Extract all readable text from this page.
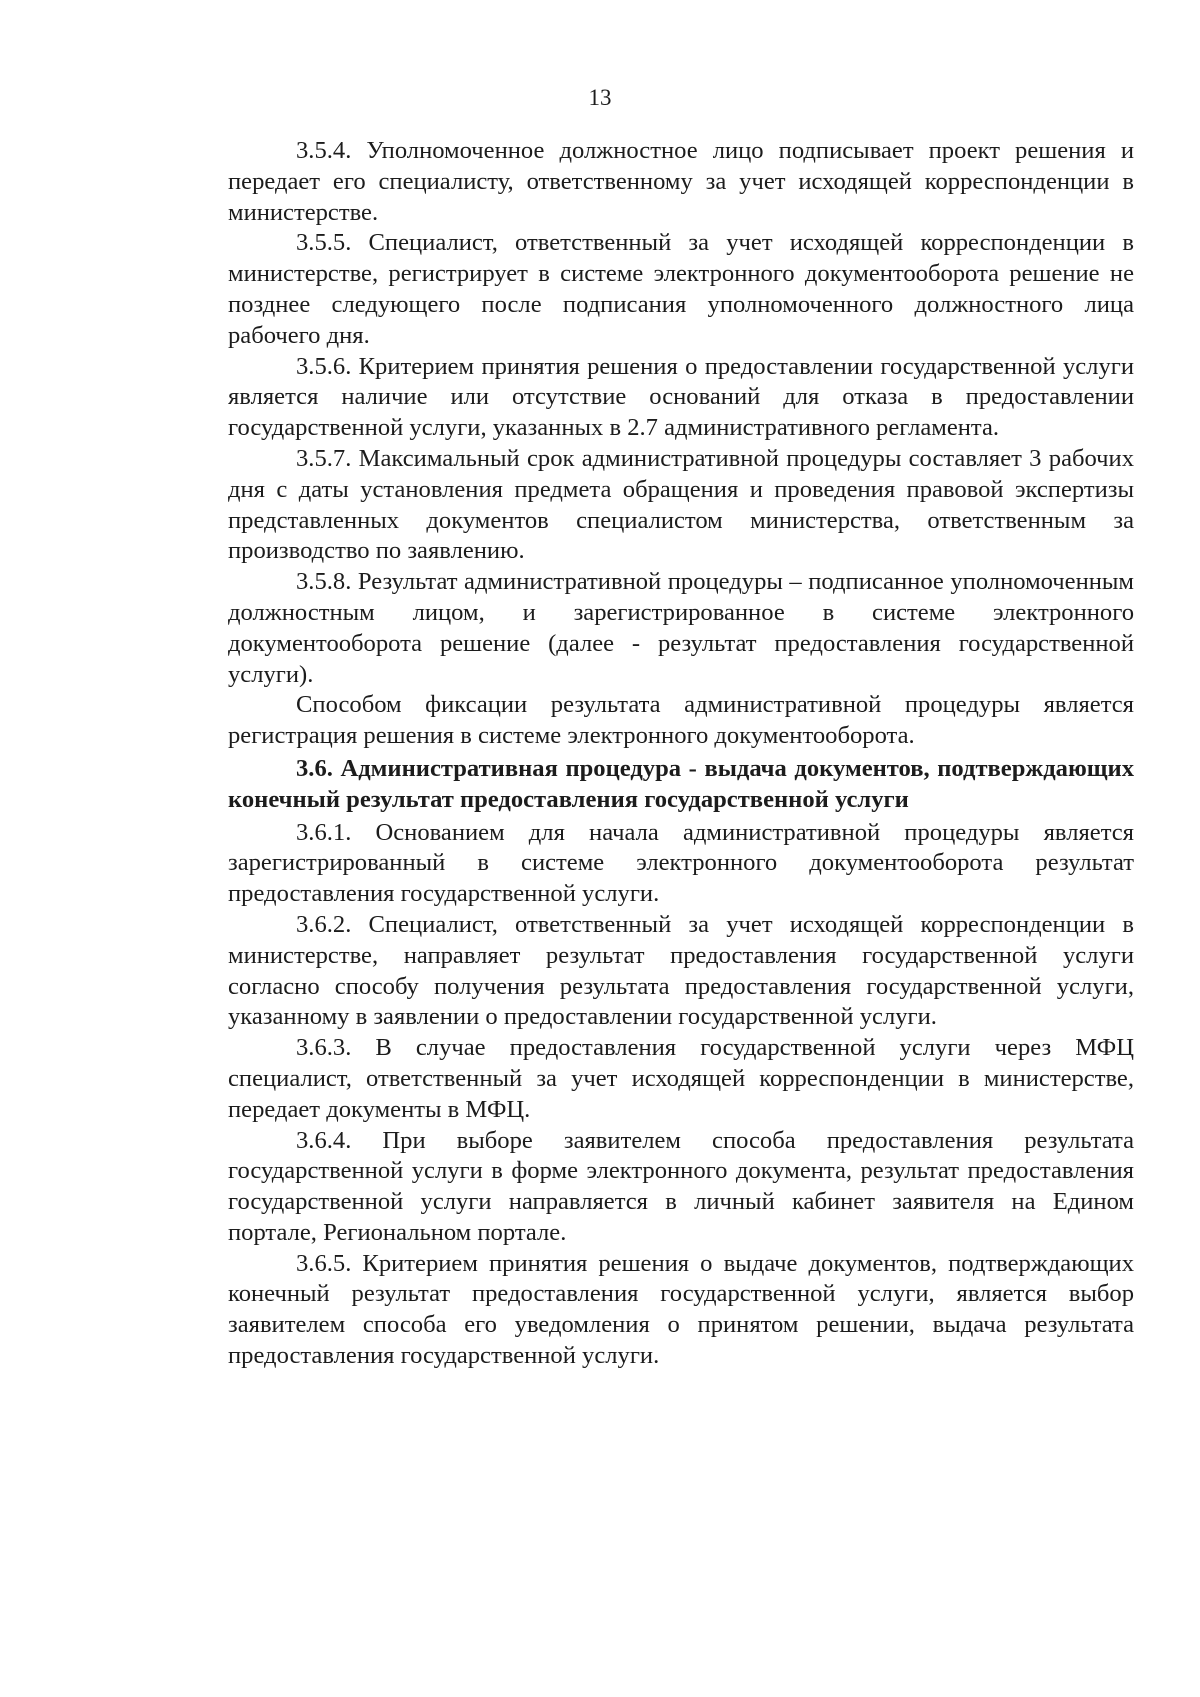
13

3.5.4. Уполномоченное должностное лицо подписывает проект решения и передает его специалисту, ответственному за учет исходящей корреспонденции в министерстве.

3.5.5. Специалист, ответственный за учет исходящей корреспонденции в министерстве, регистрирует в системе электронного документооборота решение не позднее следующего после подписания уполномоченного должностного лица рабочего дня.

3.5.6. Критерием принятия решения о предоставлении государственной услуги является наличие или отсутствие оснований для отказа в предоставлении государственной услуги, указанных в 2.7 административного регламента.

3.5.7. Максимальный срок административной процедуры составляет 3 рабочих дня с даты установления предмета обращения и проведения правовой экспертизы представленных документов специалистом министерства, ответственным за производство по заявлению.

3.5.8. Результат административной процедуры – подписанное уполномоченным должностным лицом, и зарегистрированное в системе электронного документооборота решение (далее - результат предоставления государственной услуги).

Способом фиксации результата административной процедуры является регистрация решения в системе электронного документооборота.

3.6. Административная процедура - выдача документов, подтверждающих конечный результат предоставления государственной услуги

3.6.1. Основанием для начала административной процедуры является зарегистрированный в системе электронного документооборота результат предоставления государственной услуги.

3.6.2. Специалист, ответственный за учет исходящей корреспонденции в министерстве, направляет результат предоставления государственной услуги согласно способу получения результата предоставления государственной услуги, указанному в заявлении о предоставлении государственной услуги.

3.6.3. В случае предоставления государственной услуги через МФЦ специалист, ответственный за учет исходящей корреспонденции в министерстве, передает документы в МФЦ.

3.6.4. При выборе заявителем способа предоставления результата государственной услуги в форме электронного документа, результат предоставления государственной услуги направляется в личный кабинет заявителя на Едином портале, Региональном портале.

3.6.5. Критерием принятия решения о выдаче документов, подтверждающих конечный результат предоставления государственной услуги, является выбор заявителем способа его уведомления о принятом решении, выдача результата предоставления государственной услуги.
